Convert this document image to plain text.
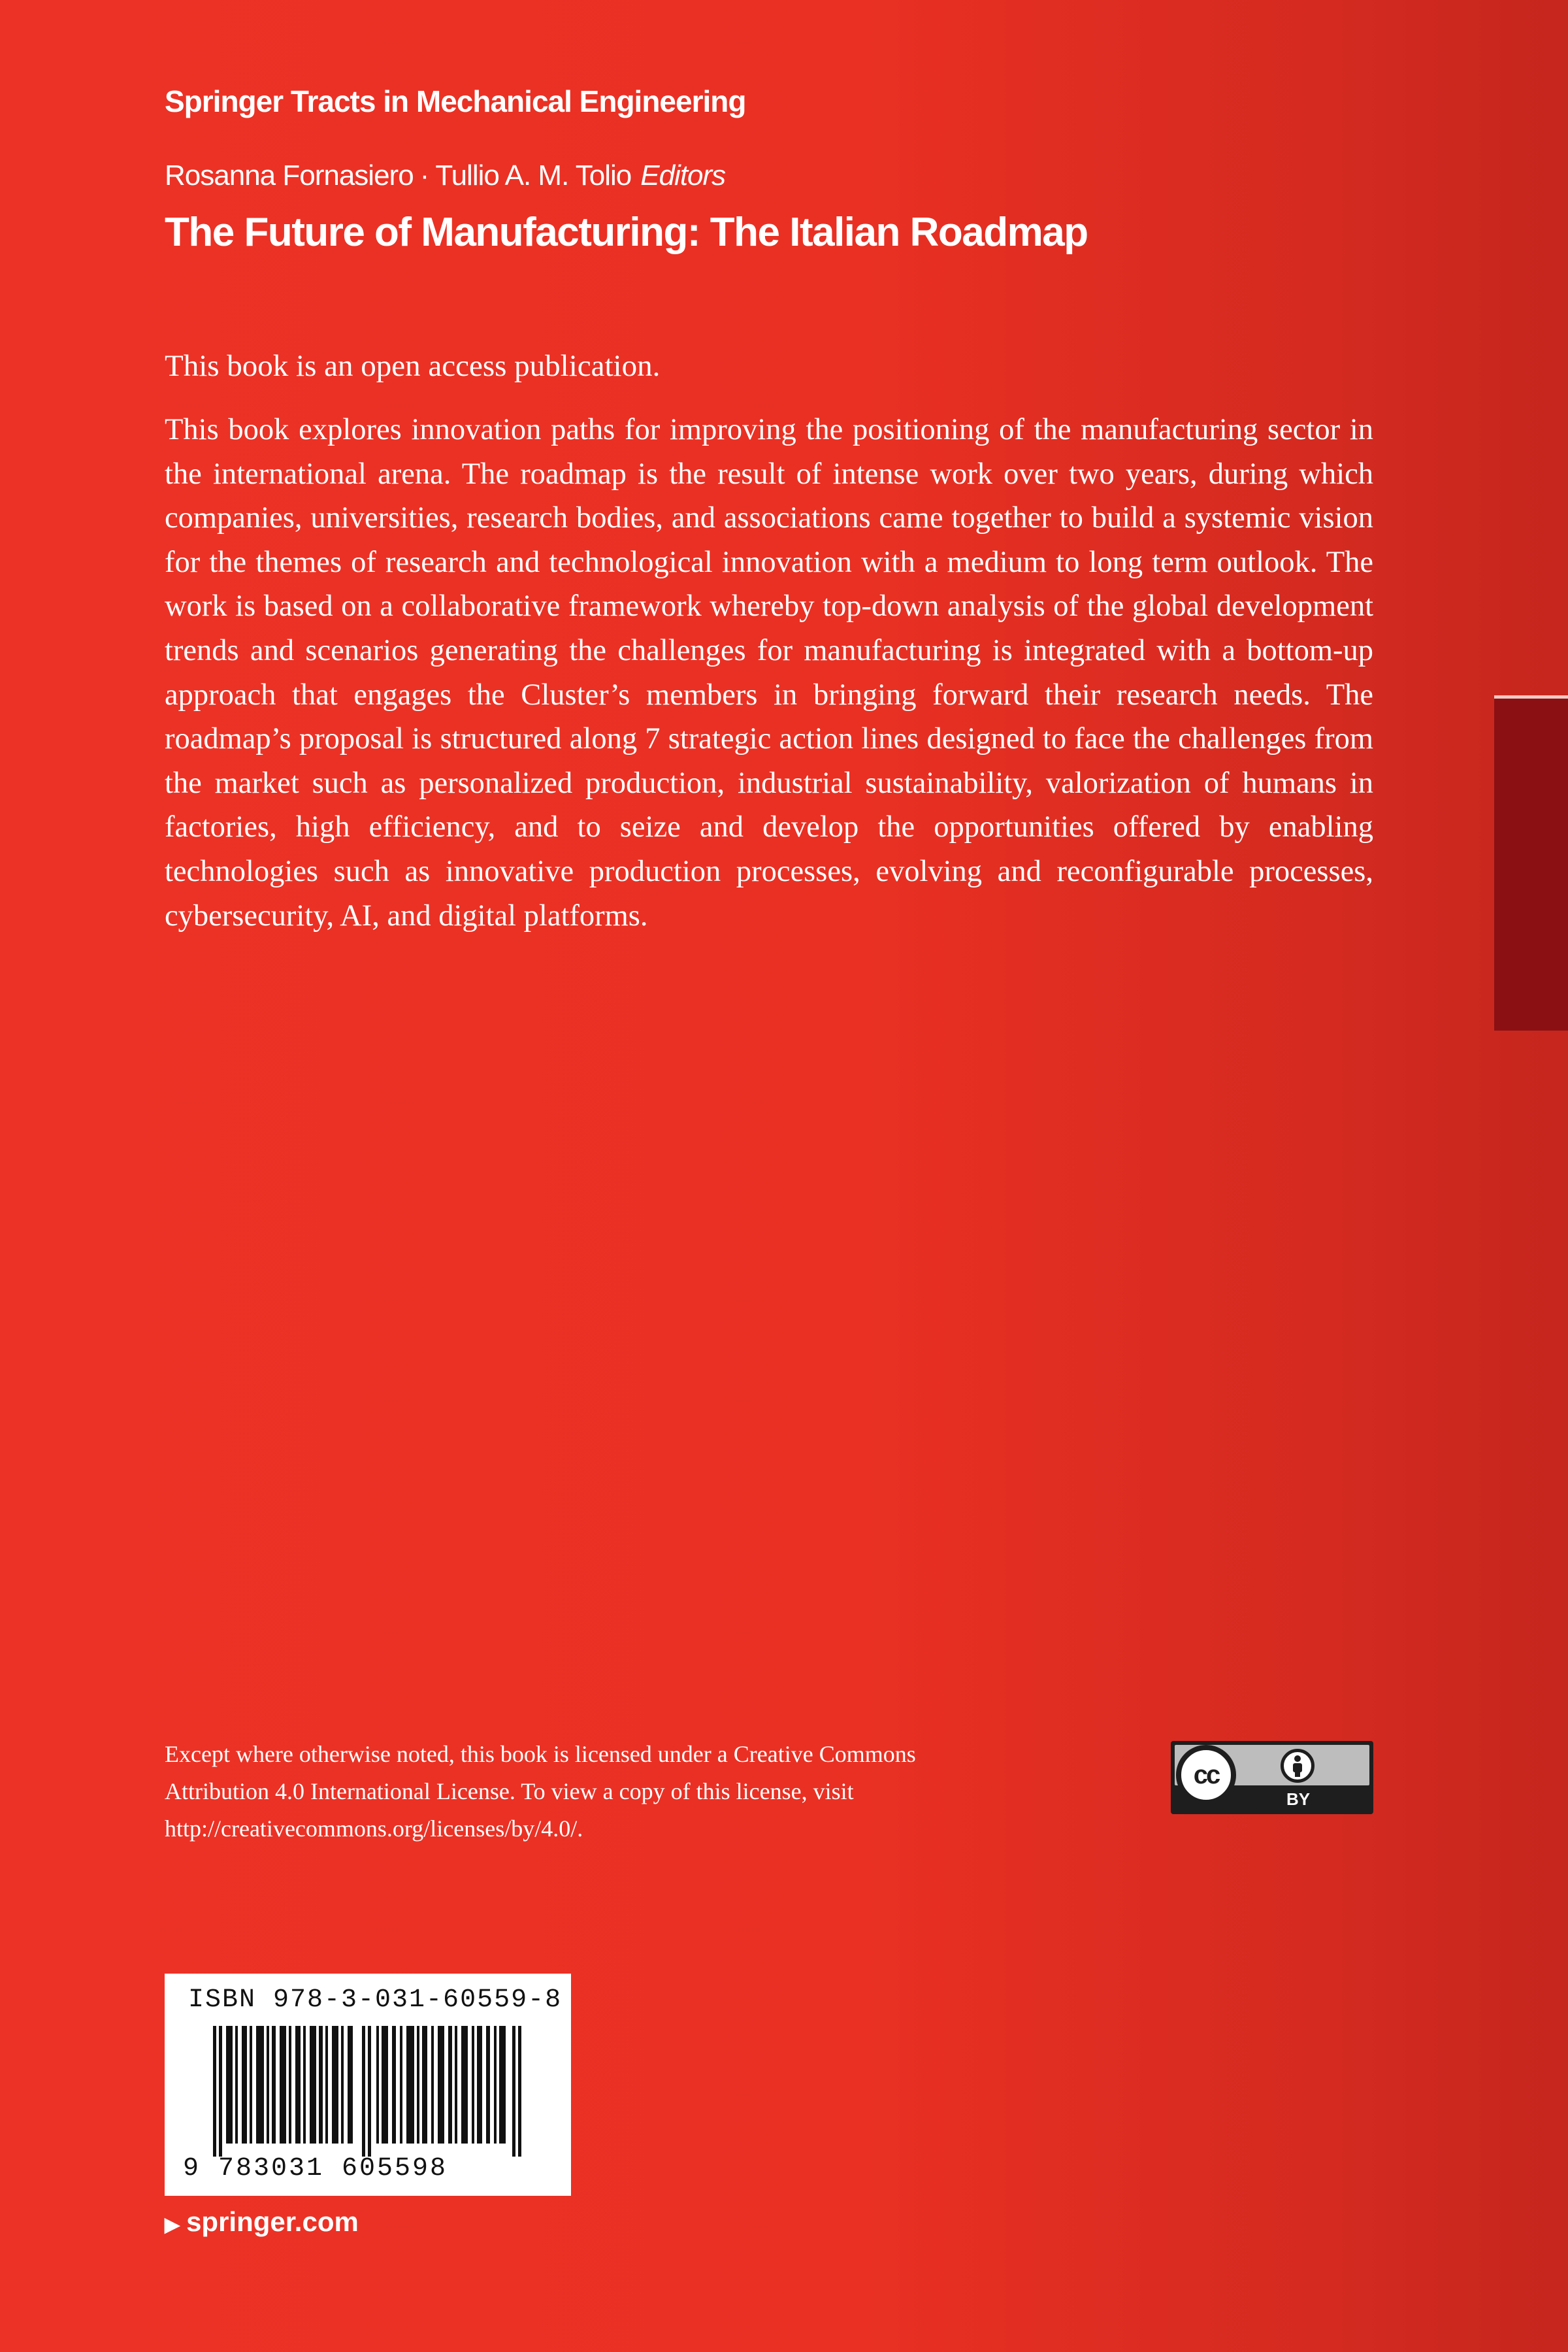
Springer Tracts in Mechanical Engineering
Rosanna Fornasiero · Tullio A. M. Tolio Editors
The Future of Manufacturing: The Italian Roadmap

This book is an open access publication.

This book explores innovation paths for improving the positioning of the manufacturing sector in the international arena. The roadmap is the result of intense work over two years, during which companies, universities, research bodies, and associations came together to build a systemic vision for the themes of research and technological innovation with a medium to long term outlook. The work is based on a collaborative framework whereby top-down analysis of the global development trends and scenarios generating the challenges for manufacturing is integrated with a bottom-up approach that engages the Cluster’s members in bringing forward their research needs. The roadmap’s proposal is structured along 7 strategic action lines designed to face the challenges from the market such as personalized production, industrial sustainability, valorization of humans in factories, high efficiency, and to seize and develop the opportunities offered by enabling technologies such as innovative production processes, evolving and reconfigurable processes, cybersecurity, AI, and digital platforms.

Except where otherwise noted, this book is licensed under a Creative Commons Attribution 4.0 International License. To view a copy of this license, visit http://creativecommons.org/licenses/by/4.0/.

cc
BY
ISBN 978-3-031-60559-8
9 783031 605598
▶ springer.com
